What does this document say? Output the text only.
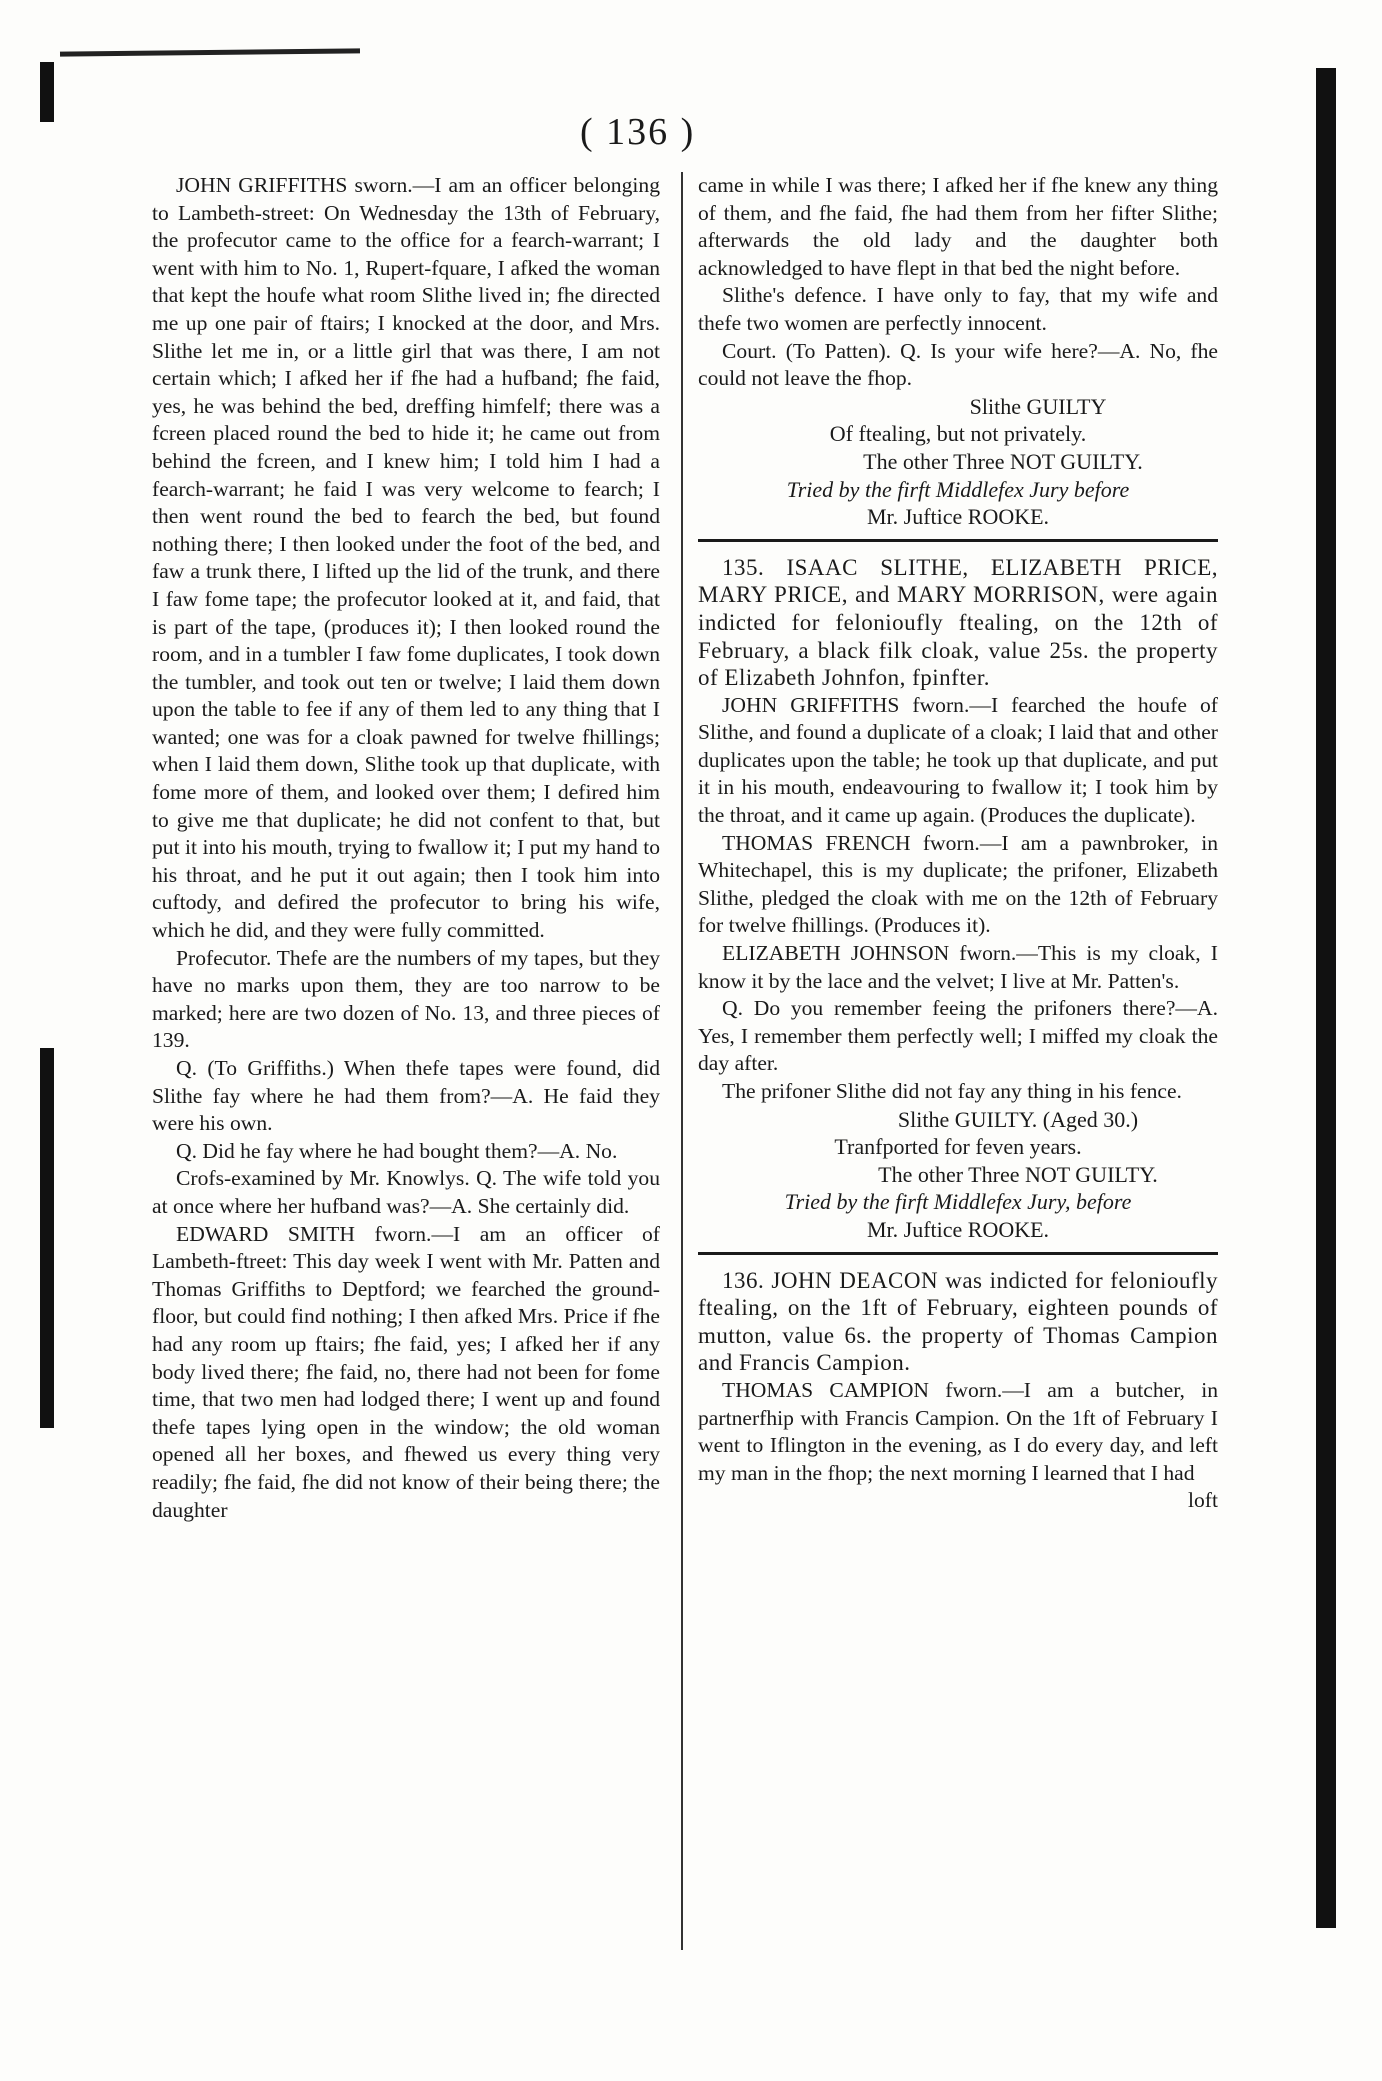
( 136 )

JOHN GRIFFITHS sworn.—I am an officer belonging to Lambeth-street: On Wednesday the 13th of February, the profecutor came to the office for a fearch-warrant; I went with him to No. 1, Rupert-fquare, I afked the woman that kept the houfe what room Slithe lived in; fhe directed me up one pair of ftairs; I knocked at the door, and Mrs. Slithe let me in, or a little girl that was there, I am not certain which; I afked her if fhe had a hufband; fhe faid, yes, he was behind the bed, dreffing himfelf; there was a fcreen placed round the bed to hide it; he came out from behind the fcreen, and I knew him; I told him I had a fearch-warrant; he faid I was very welcome to fearch; I then went round the bed to fearch the bed, but found nothing there; I then looked under the foot of the bed, and faw a trunk there, I lifted up the lid of the trunk, and there I faw fome tape; the profecutor looked at it, and faid, that is part of the tape, (produces it); I then looked round the room, and in a tumbler I faw fome duplicates, I took down the tumbler, and took out ten or twelve; I laid them down upon the table to fee if any of them led to any thing that I wanted; one was for a cloak pawned for twelve fhillings; when I laid them down, Slithe took up that duplicate, with fome more of them, and looked over them; I defired him to give me that duplicate; he did not confent to that, but put it into his mouth, trying to fwallow it; I put my hand to his throat, and he put it out again; then I took him into cuftody, and defired the profecutor to bring his wife, which he did, and they were fully committed.

Profecutor. Thefe are the numbers of my tapes, but they have no marks upon them, they are too narrow to be marked; here are two dozen of No. 13, and three pieces of 139.

Q. (To Griffiths.) When thefe tapes were found, did Slithe fay where he had them from?—A. He faid they were his own.

Q. Did he fay where he had bought them?—A. No.

Crofs-examined by Mr. Knowlys. Q. The wife told you at once where her hufband was?—A. She certainly did.

EDWARD SMITH fworn.—I am an officer of Lambeth-ftreet: This day week I went with Mr. Patten and Thomas Griffiths to Deptford; we fearched the ground-floor, but could find nothing; I then afked Mrs. Price if fhe had any room up ftairs; fhe faid, yes; I afked her if any body lived there; fhe faid, no, there had not been for fome time, that two men had lodged there; I went up and found thefe tapes lying open in the window; the old woman opened all her boxes, and fhewed us every thing very readily; fhe faid, fhe did not know of their being there; the daughter

came in while I was there; I afked her if fhe knew any thing of them, and fhe faid, fhe had them from her fifter Slithe; afterwards the old lady and the daughter both acknowledged to have flept in that bed the night before.

Slithe's defence. I have only to fay, that my wife and thefe two women are perfectly innocent.

Court. (To Patten). Q. Is your wife here?—A. No, fhe could not leave the fhop.

Slithe GUILTY

Of ftealing, but not privately.

The other Three NOT GUILTY.

Tried by the firft Middlefex Jury before

Mr. Juftice ROOKE.

135. ISAAC SLITHE, ELIZABETH PRICE, MARY PRICE, and MARY MORRISON, were again indicted for felonioufly ftealing, on the 12th of February, a black filk cloak, value 25s. the property of Elizabeth Johnfon, fpinfter.

JOHN GRIFFITHS fworn.—I fearched the houfe of Slithe, and found a duplicate of a cloak; I laid that and other duplicates upon the table; he took up that duplicate, and put it in his mouth, endeavouring to fwallow it; I took him by the throat, and it came up again. (Produces the duplicate).

THOMAS FRENCH fworn.—I am a pawnbroker, in Whitechapel, this is my duplicate; the prifoner, Elizabeth Slithe, pledged the cloak with me on the 12th of February for twelve fhillings. (Produces it).

ELIZABETH JOHNSON fworn.—This is my cloak, I know it by the lace and the velvet; I live at Mr. Patten's.

Q. Do you remember feeing the prifoners there?—A. Yes, I remember them perfectly well; I miffed my cloak the day after.

The prifoner Slithe did not fay any thing in his fence.

Slithe GUILTY. (Aged 30.)

Tranfported for feven years.

The other Three NOT GUILTY.

Tried by the firft Middlefex Jury, before

Mr. Juftice ROOKE.

136. JOHN DEACON was indicted for felonioufly ftealing, on the 1ft of February, eighteen pounds of mutton, value 6s. the property of Thomas Campion and Francis Campion.

THOMAS CAMPION fworn.—I am a butcher, in partnerfhip with Francis Campion. On the 1ft of February I went to Iflington in the evening, as I do every day, and left my man in the fhop; the next morning I learned that I had

loft
